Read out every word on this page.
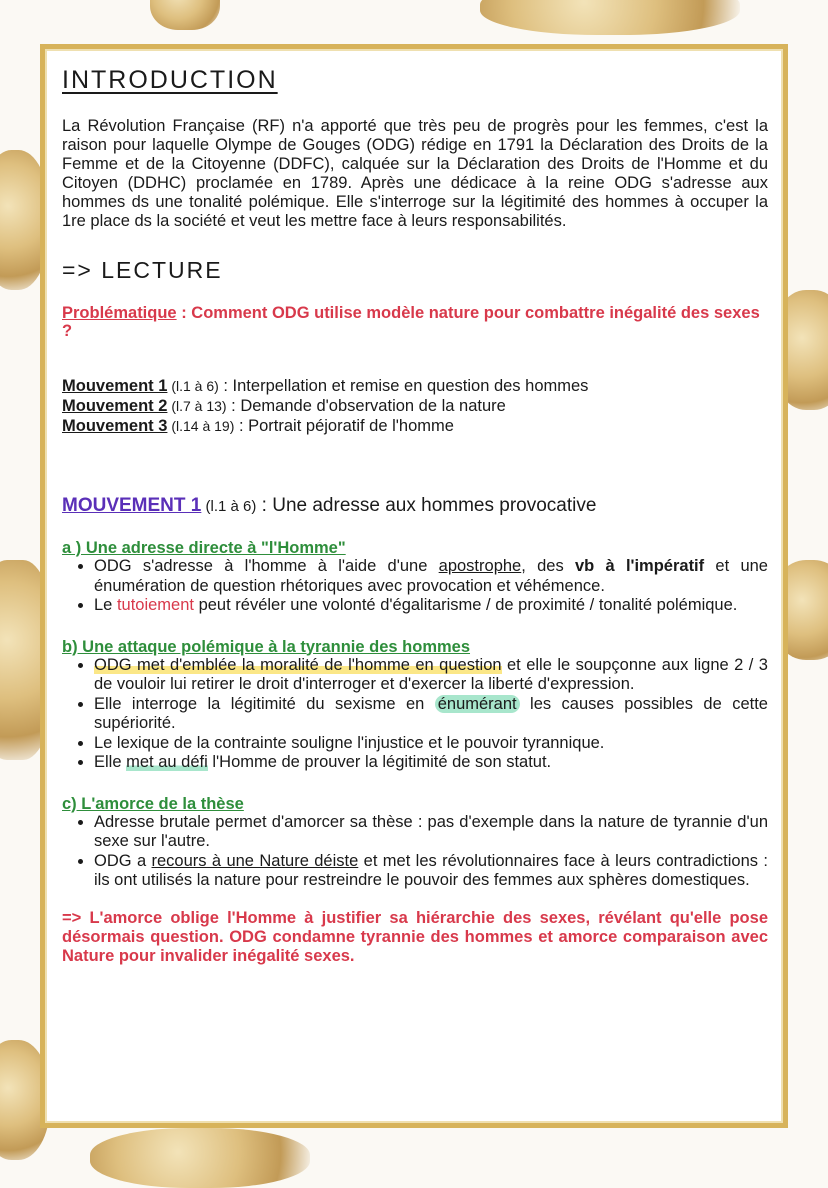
INTRODUCTION

La Révolution Française (RF) n'a apporté que très peu de progrès pour les femmes, c'est la raison pour laquelle Olympe de Gouges (ODG) rédige en 1791 la Déclaration des Droits de la Femme et de la Citoyenne (DDFC), calquée sur la Déclaration des Droits de l'Homme et du Citoyen (DDHC) proclamée en 1789. Après une dédicace à la reine ODG s'adresse aux hommes ds une tonalité polémique. Elle s'interroge sur la légitimité des hommes à occuper la 1re place ds la société et veut les mettre face à leurs responsabilités.

=> LECTURE

Problématique : Comment ODG utilise modèle nature pour combattre inégalité des sexes ?

Mouvement 1 (l.1 à 6) : Interpellation et remise en question des hommes

Mouvement 2 (l.7 à 13) : Demande d'observation de la nature

Mouvement 3 (l.14 à 19) : Portrait péjoratif de l'homme

MOUVEMENT 1 (l.1 à 6) : Une adresse aux hommes provocative

a ) Une adresse directe à "l'Homme"

• ODG s'adresse à l'homme à l'aide d'une apostrophe, des vb à l'impératif et une énumération de question rhétoriques avec provocation et véhémence.
• Le tutoiement peut révéler une volonté d'égalitarisme / de proximité / tonalité polémique.

b) Une attaque polémique à la tyrannie des hommes

• ODG met d'emblée la moralité de l'homme en question et elle le soupçonne aux ligne 2 / 3 de vouloir lui retirer le droit d'interroger et d'exercer la liberté d'expression.
• Elle interroge la légitimité du sexisme en énumérant les causes possibles de cette supériorité.
• Le lexique de la contrainte souligne l'injustice et le pouvoir tyrannique.
• Elle met au défi l'Homme de prouver la légitimité de son statut.

c) L'amorce de la thèse

• Adresse brutale permet d'amorcer sa thèse : pas d'exemple dans la nature de tyrannie d'un sexe sur l'autre.
• ODG a recours à une Nature déiste et met les révolutionnaires face à leurs contradictions : ils ont utilisés la nature pour restreindre le pouvoir des femmes aux sphères domestiques.

=> L'amorce oblige l'Homme à justifier sa hiérarchie des sexes, révélant qu'elle pose désormais question. ODG condamne tyrannie des hommes et amorce comparaison avec Nature pour invalider inégalité sexes.
